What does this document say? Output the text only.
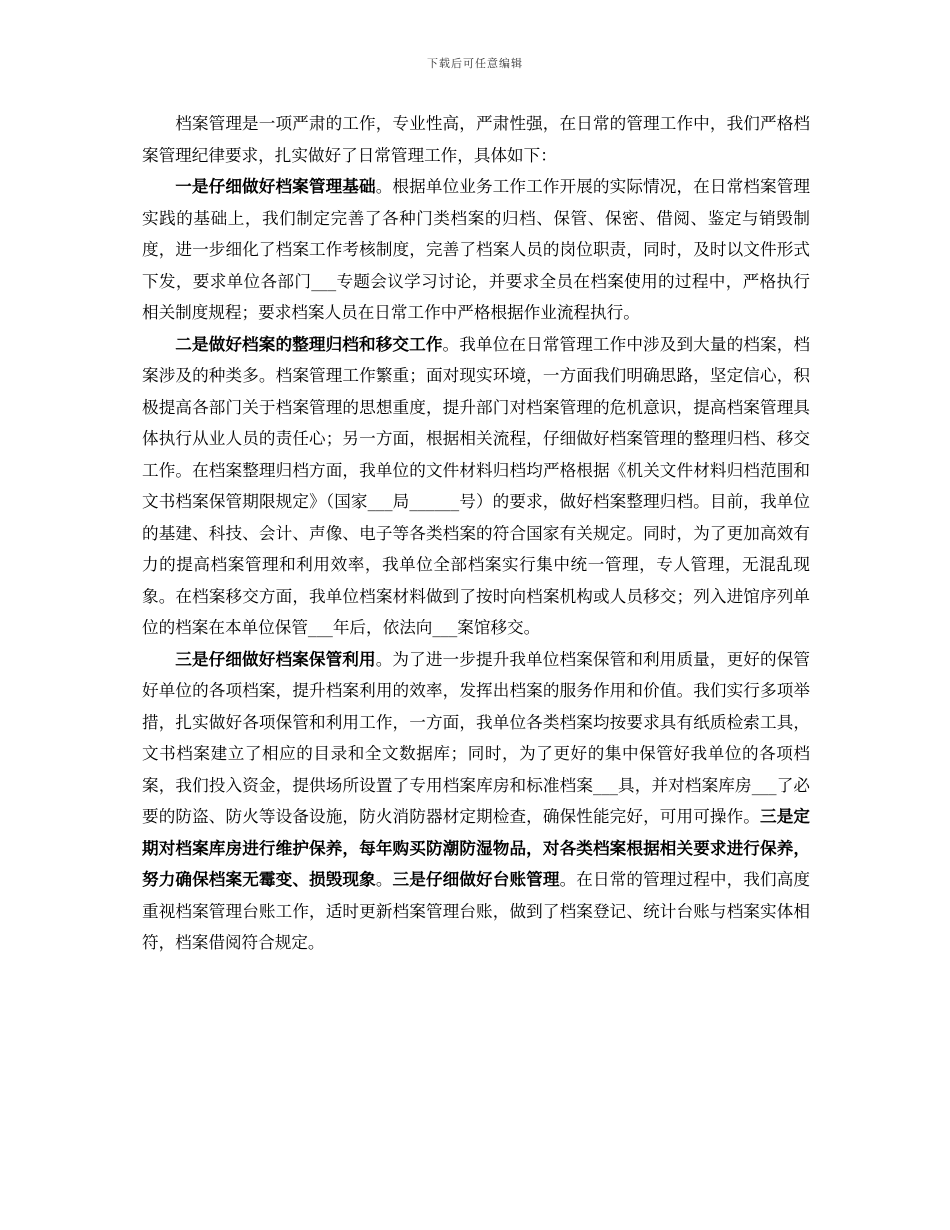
下载后可任意编辑

档案管理是一项严肃的工作，专业性高，严肃性强，在日常的管理工作中，我们严格档案管理纪律要求，扎实做好了日常管理工作，具体如下：

一是仔细做好档案管理基础。根据单位业务工作工作开展的实际情况，在日常档案管理实践的基础上，我们制定完善了各种门类档案的归档、保管、保密、借阅、鉴定与销毁制度，进一步细化了档案工作考核制度，完善了档案人员的岗位职责，同时，及时以文件形式下发，要求单位各部门___专题会议学习讨论，并要求全员在档案使用的过程中，严格执行相关制度规程；要求档案人员在日常工作中严格根据作业流程执行。

二是做好档案的整理归档和移交工作。我单位在日常管理工作中涉及到大量的档案，档案涉及的种类多。档案管理工作繁重；面对现实环境，一方面我们明确思路，坚定信心，积极提高各部门关于档案管理的思想重度，提升部门对档案管理的危机意识，提高档案管理具体执行从业人员的责任心；另一方面，根据相关流程，仔细做好档案管理的整理归档、移交工作。在档案整理归档方面，我单位的文件材料归档均严格根据《机关文件材料归档范围和文书档案保管期限规定》（国家___局______号）的要求，做好档案整理归档。目前，我单位的基建、科技、会计、声像、电子等各类档案的符合国家有关规定。同时，为了更加高效有力的提高档案管理和利用效率，我单位全部档案实行集中统一管理，专人管理，无混乱现象。在档案移交方面，我单位档案材料做到了按时向档案机构或人员移交；列入进馆序列单位的档案在本单位保管___年后，依法向___案馆移交。

三是仔细做好档案保管利用。为了进一步提升我单位档案保管和利用质量，更好的保管好单位的各项档案，提升档案利用的效率，发挥出档案的服务作用和价值。我们实行多项举措，扎实做好各项保管和利用工作，一方面，我单位各类档案均按要求具有纸质检索工具，文书档案建立了相应的目录和全文数据库；同时，为了更好的集中保管好我单位的各项档案，我们投入资金，提供场所设置了专用档案库房和标准档案___具，并对档案库房___了必要的防盗、防火等设备设施，防火消防器材定期检查，确保性能完好，可用可操作。三是定期对档案库房进行维护保养，每年购买防潮防湿物品，对各类档案根据相关要求进行保养，努力确保档案无霉变、损毁现象。三是仔细做好台账管理。在日常的管理过程中，我们高度重视档案管理台账工作，适时更新档案管理台账，做到了档案登记、统计台账与档案实体相符，档案借阅符合规定。
